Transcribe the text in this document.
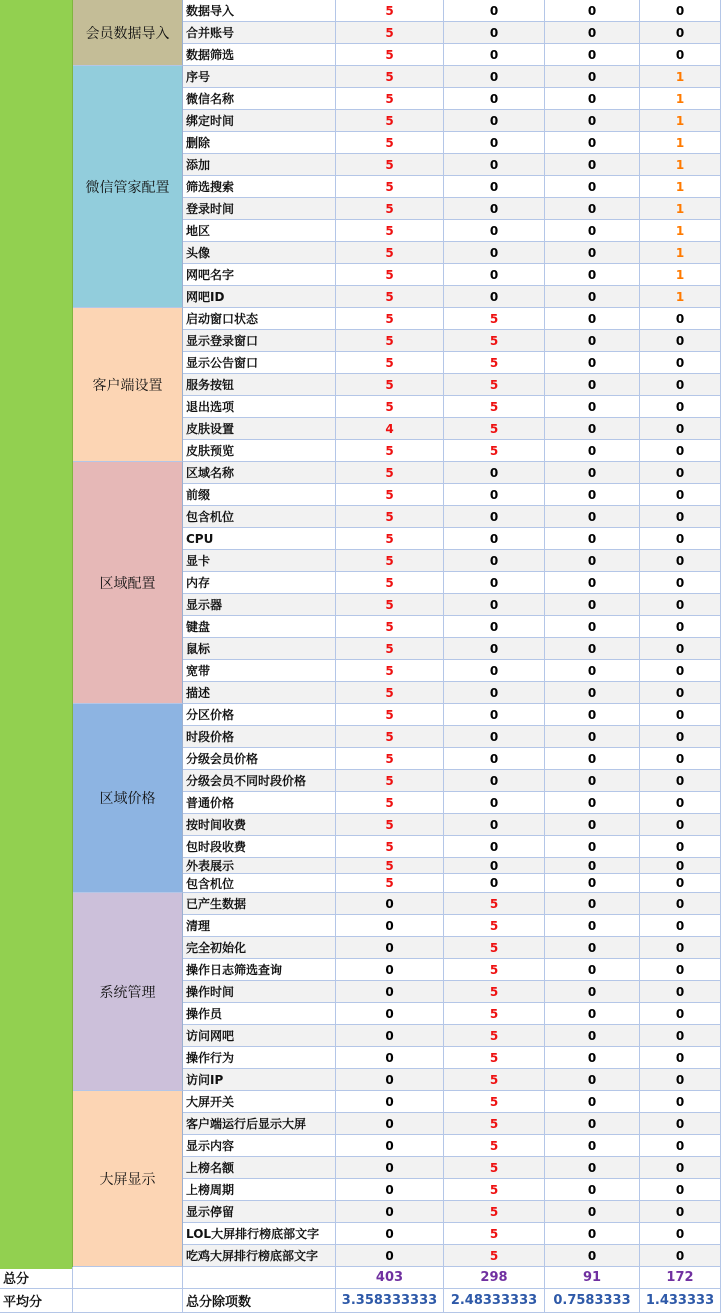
数据导入	5	0	0	0
合并账号	5	0	0	0
数据筛选	5	0	0	0
会员数据导入
序号	5	0	0	1
微信名称	5	0	0	1
绑定时间	5	0	0	1
删除	5	0	0	1
添加	5	0	0	1
筛选搜索	5	0	0	1
登录时间	5	0	0	1
地区	5	0	0	1
头像	5	0	0	1
网吧名字	5	0	0	1
网吧ID	5	0	0	1
微信管家配置
启动窗口状态	5	5	0	0
显示登录窗口	5	5	0	0
显示公告窗口	5	5	0	0
服务按钮	5	5	0	0
退出选项	5	5	0	0
皮肤设置	4	5	0	0
皮肤预览	5	5	0	0
客户端设置
区域名称	5	0	0	0
前缀	5	0	0	0
包含机位	5	0	0	0
CPU	5	0	0	0
显卡	5	0	0	0
内存	5	0	0	0
显示器	5	0	0	0
键盘	5	0	0	0
鼠标	5	0	0	0
宽带	5	0	0	0
描述	5	0	0	0
区域配置
分区价格	5	0	0	0
时段价格	5	0	0	0
分级会员价格	5	0	0	0
分级会员不同时段价格	5	0	0	0
普通价格	5	0	0	0
按时间收费	5	0	0	0
包时段收费	5	0	0	0
外表展示	5	0	0	0
包含机位	5	0	0	0
区域价格
已产生数据	0	5	0	0
清理	0	5	0	0
完全初始化	0	5	0	0
操作日志筛选查询	0	5	0	0
操作时间	0	5	0	0
操作员	0	5	0	0
访问网吧	0	5	0	0
操作行为	0	5	0	0
访问IP	0	5	0	0
系统管理
大屏开关	0	5	0	0
客户端运行后显示大屏	0	5	0	0
显示内容	0	5	0	0
上榜名额	0	5	0	0
上榜周期	0	5	0	0
显示停留	0	5	0	0
LOL大屏排行榜底部文字	0	5	0	0
吃鸡大屏排行榜底部文字	0	5	0	0
大屏显示
总分	403	298	91	172
平均分	总分除项数	3.358333333	2.48333333	0.7583333	1.433333
